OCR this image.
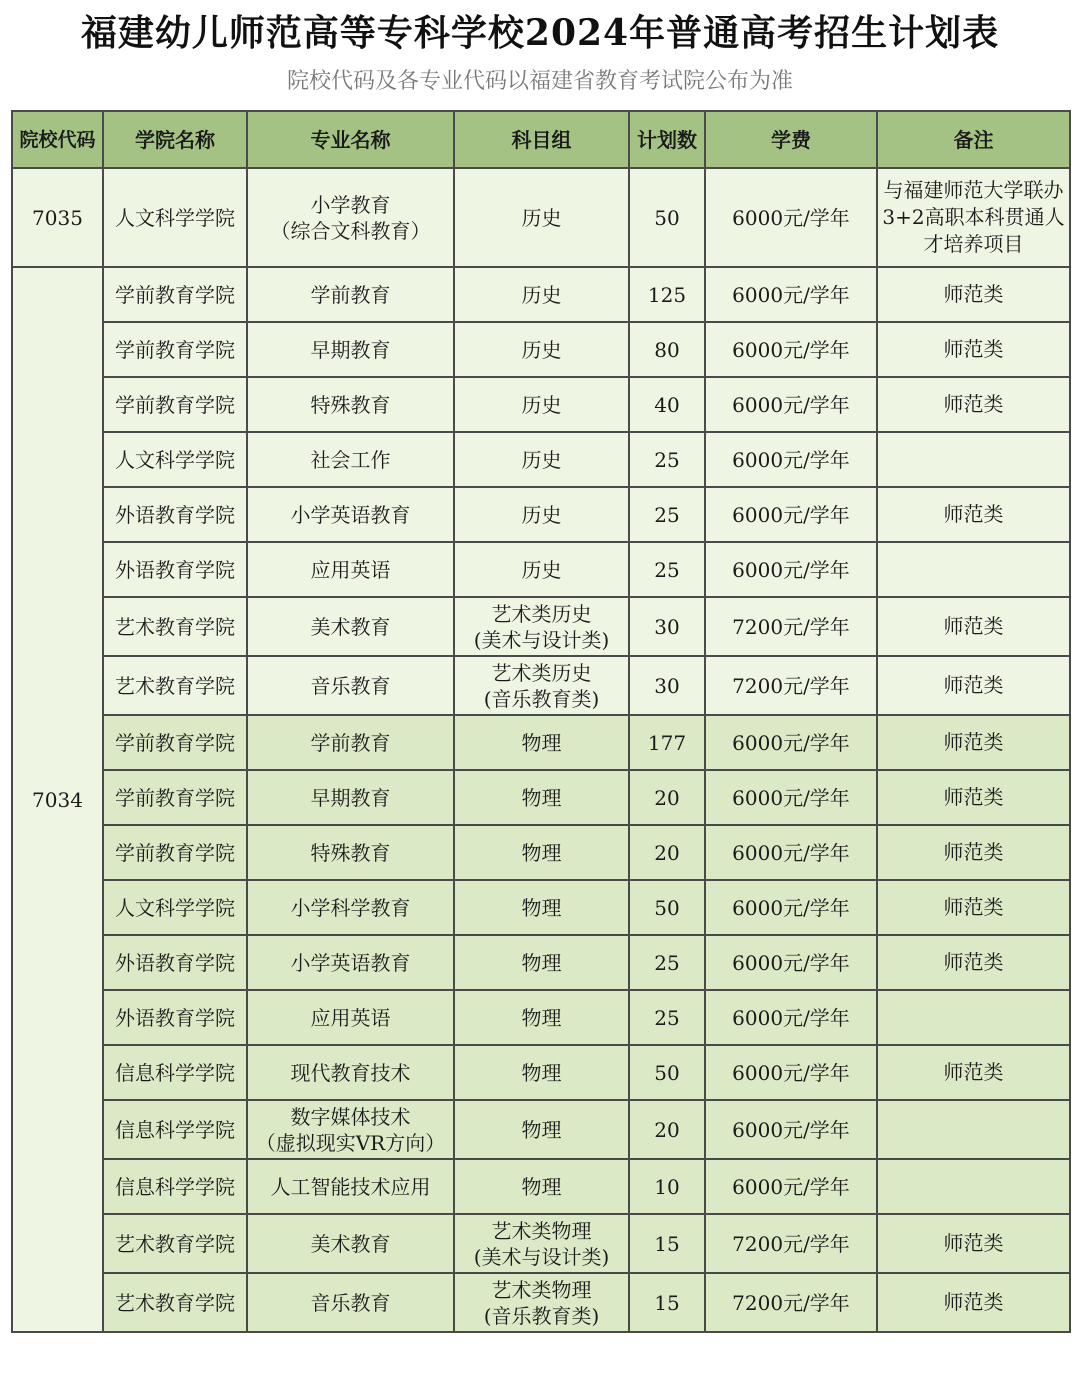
福建幼儿师范高等专科学校2024年普通高考招生计划表
院校代码及各专业代码以福建省教育考试院公布为准
院校代码	学院名称	专业名称	科目组	计划数	学费	备注
7035	人文科学学院	小学教育
（综合文科教育）	历史	50	6000元/学年	与福建师范大学联办3+2高职本科贯通人才培养项目
7034	学前教育学院	学前教育	历史	125	6000元/学年	师范类
	学前教育学院	早期教育	历史	80	6000元/学年	师范类
	学前教育学院	特殊教育	历史	40	6000元/学年	师范类
	人文科学学院	社会工作	历史	25	6000元/学年	
	外语教育学院	小学英语教育	历史	25	6000元/学年	师范类
	外语教育学院	应用英语	历史	25	6000元/学年	
	艺术教育学院	美术教育	艺术类历史
(美术与设计类)	30	7200元/学年	师范类
	艺术教育学院	音乐教育	艺术类历史
(音乐教育类)	30	7200元/学年	师范类
	学前教育学院	学前教育	物理	177	6000元/学年	师范类
	学前教育学院	早期教育	物理	20	6000元/学年	师范类
	学前教育学院	特殊教育	物理	20	6000元/学年	师范类
	人文科学学院	小学科学教育	物理	50	6000元/学年	师范类
	外语教育学院	小学英语教育	物理	25	6000元/学年	师范类
	外语教育学院	应用英语	物理	25	6000元/学年	
	信息科学学院	现代教育技术	物理	50	6000元/学年	师范类
	信息科学学院	数字媒体技术
（虚拟现实VR方向）	物理	20	6000元/学年	
	信息科学学院	人工智能技术应用	物理	10	6000元/学年	
	艺术教育学院	美术教育	艺术类物理
(美术与设计类)	15	7200元/学年	师范类
	艺术教育学院	音乐教育	艺术类物理
(音乐教育类)	15	7200元/学年	师范类
